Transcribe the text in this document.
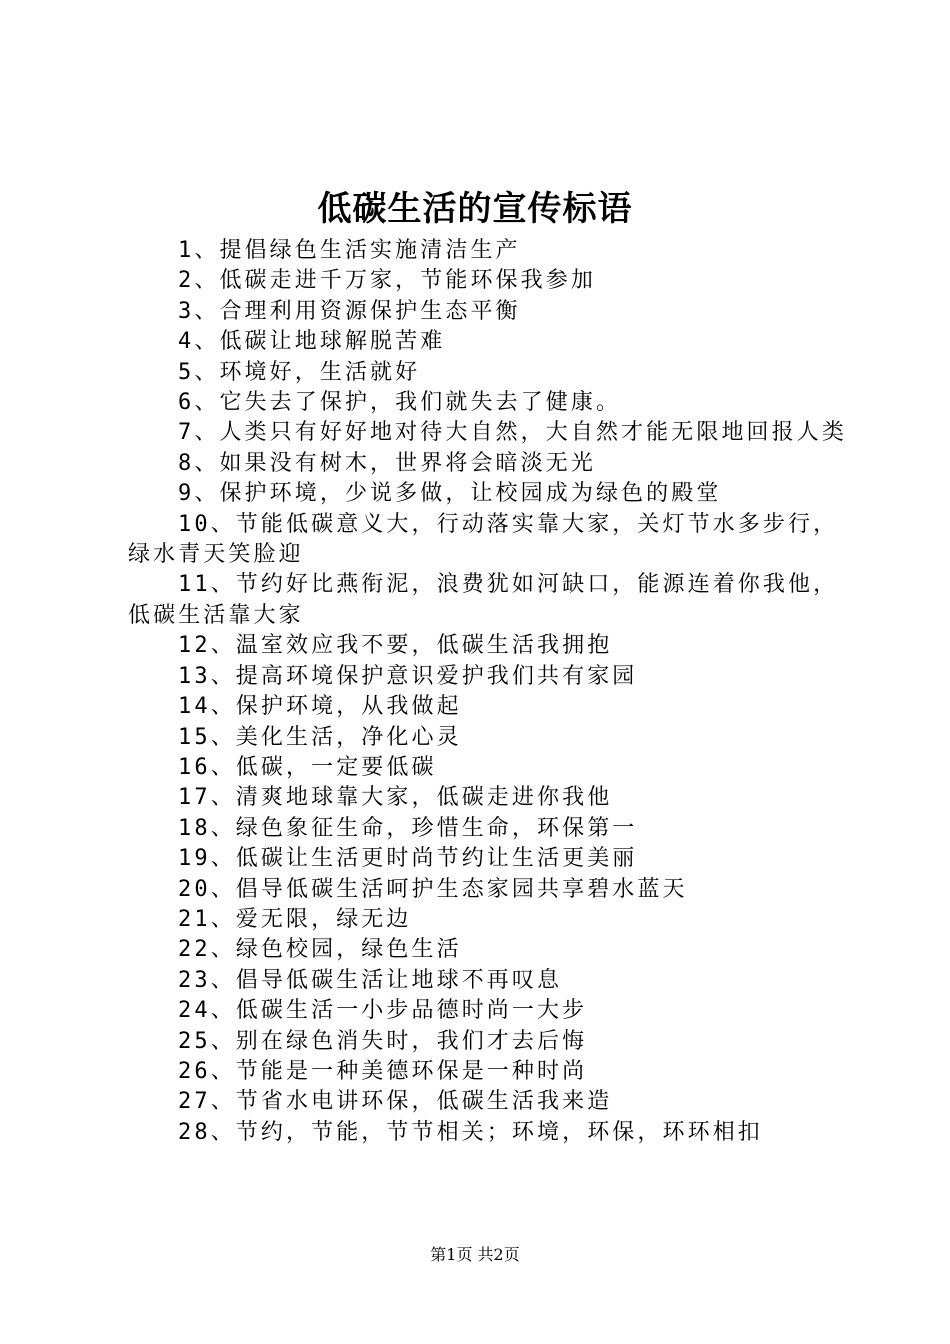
低碳生活的宣传标语
1、提倡绿色生活实施清洁生产
2、低碳走进千万家，节能环保我参加
3、合理利用资源保护生态平衡
4、低碳让地球解脱苦难
5、环境好，生活就好
6、它失去了保护，我们就失去了健康。
7、人类只有好好地对待大自然，大自然才能无限地回报人类
8、如果没有树木，世界将会暗淡无光
9、保护环境，少说多做，让校园成为绿色的殿堂
10、节能低碳意义大，行动落实靠大家，关灯节水多步行，绿水青天笑脸迎
11、节约好比燕衔泥，浪费犹如河缺口，能源连着你我他，低碳生活靠大家
12、温室效应我不要，低碳生活我拥抱
13、提高环境保护意识爱护我们共有家园
14、保护环境，从我做起
15、美化生活，净化心灵
16、低碳，一定要低碳
17、清爽地球靠大家，低碳走进你我他
18、绿色象征生命，珍惜生命，环保第一
19、低碳让生活更时尚节约让生活更美丽
20、倡导低碳生活呵护生态家园共享碧水蓝天
21、爱无限，绿无边
22、绿色校园，绿色生活
23、倡导低碳生活让地球不再叹息
24、低碳生活一小步品德时尚一大步
25、别在绿色消失时，我们才去后悔
26、节能是一种美德环保是一种时尚
27、节省水电讲环保，低碳生活我来造
28、节约，节能，节节相关；环境，环保，环环相扣
第1页 共2页
